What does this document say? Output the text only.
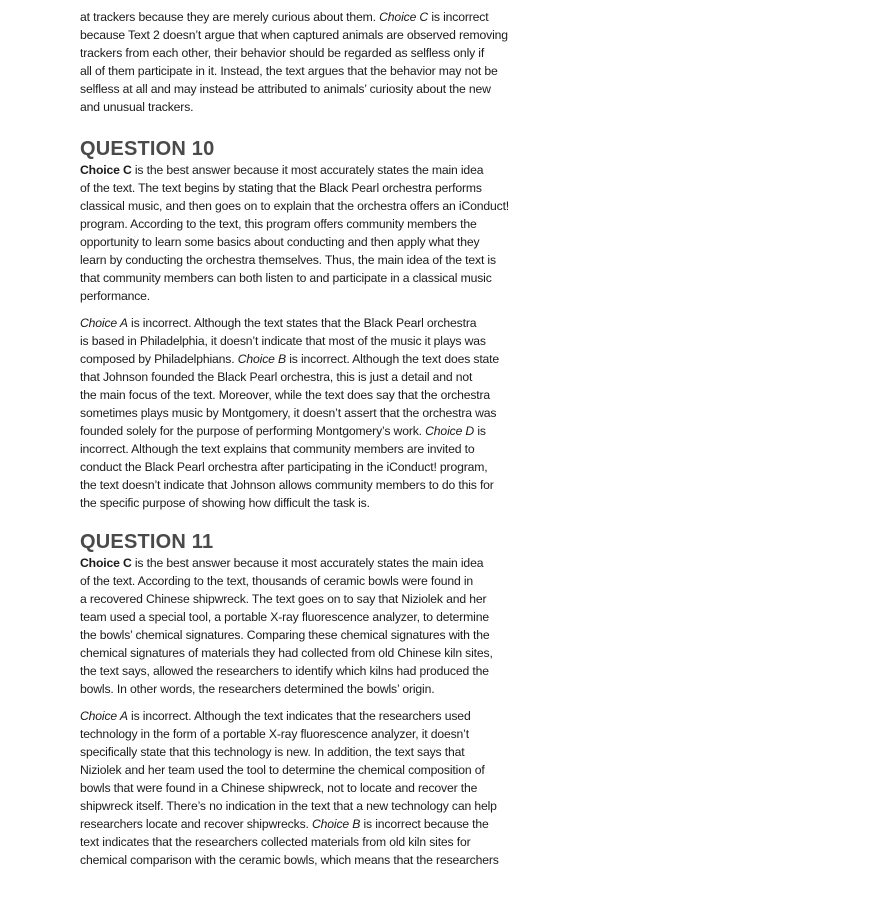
at trackers because they are merely curious about them. Choice C is incorrect
because Text 2 doesn’t argue that when captured animals are observed removing
trackers from each other, their behavior should be regarded as selfless only if
all of them participate in it. Instead, the text argues that the behavior may not be
selfless at all and may instead be attributed to animals’ curiosity about the new
and unusual trackers.

QUESTION 10

Choice C is the best answer because it most accurately states the main idea
of the text. The text begins by stating that the Black Pearl orchestra performs
classical music, and then goes on to explain that the orchestra offers an iConduct!
program. According to the text, this program offers community members the
opportunity to learn some basics about conducting and then apply what they
learn by conducting the orchestra themselves. Thus, the main idea of the text is
that community members can both listen to and participate in a classical music
performance.

Choice A is incorrect. Although the text states that the Black Pearl orchestra
is based in Philadelphia, it doesn’t indicate that most of the music it plays was
composed by Philadelphians. Choice B is incorrect. Although the text does state
that Johnson founded the Black Pearl orchestra, this is just a detail and not
the main focus of the text. Moreover, while the text does say that the orchestra
sometimes plays music by Montgomery, it doesn’t assert that the orchestra was
founded solely for the purpose of performing Montgomery’s work. Choice D is
incorrect. Although the text explains that community members are invited to
conduct the Black Pearl orchestra after participating in the iConduct! program,
the text doesn’t indicate that Johnson allows community members to do this for
the specific purpose of showing how difficult the task is.

QUESTION 11

Choice C is the best answer because it most accurately states the main idea
of the text. According to the text, thousands of ceramic bowls were found in
a recovered Chinese shipwreck. The text goes on to say that Niziolek and her
team used a special tool, a portable X-ray fluorescence analyzer, to determine
the bowls’ chemical signatures. Comparing these chemical signatures with the
chemical signatures of materials they had collected from old Chinese kiln sites,
the text says, allowed the researchers to identify which kilns had produced the
bowls. In other words, the researchers determined the bowls’ origin.

Choice A is incorrect. Although the text indicates that the researchers used
technology in the form of a portable X-ray fluorescence analyzer, it doesn’t
specifically state that this technology is new. In addition, the text says that
Niziolek and her team used the tool to determine the chemical composition of
bowls that were found in a Chinese shipwreck, not to locate and recover the
shipwreck itself. There’s no indication in the text that a new technology can help
researchers locate and recover shipwrecks. Choice B is incorrect because the
text indicates that the researchers collected materials from old kiln sites for
chemical comparison with the ceramic bowls, which means that the researchers
